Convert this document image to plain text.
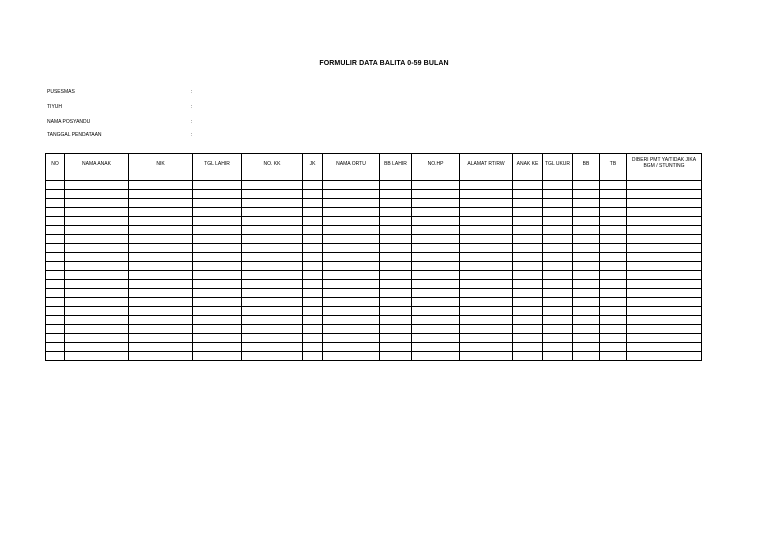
FORMULIR DATA BALITA 0-59 BULAN
PUSESMAS	:
TIYUH	:
NAMA POSYANDU	:
TANGGAL PENDATAAN	:
NO	NAMA ANAK	NIK	TGL LAHIR	NO. KK	JK	NAMA ORTU	BB LAHIR	NO.HP	ALAMAT RT/RW	ANAK KE	TGL UKUR	BB	TB	DIBERI PMT YA/TIDAK JIKA BGM / STUNTING
